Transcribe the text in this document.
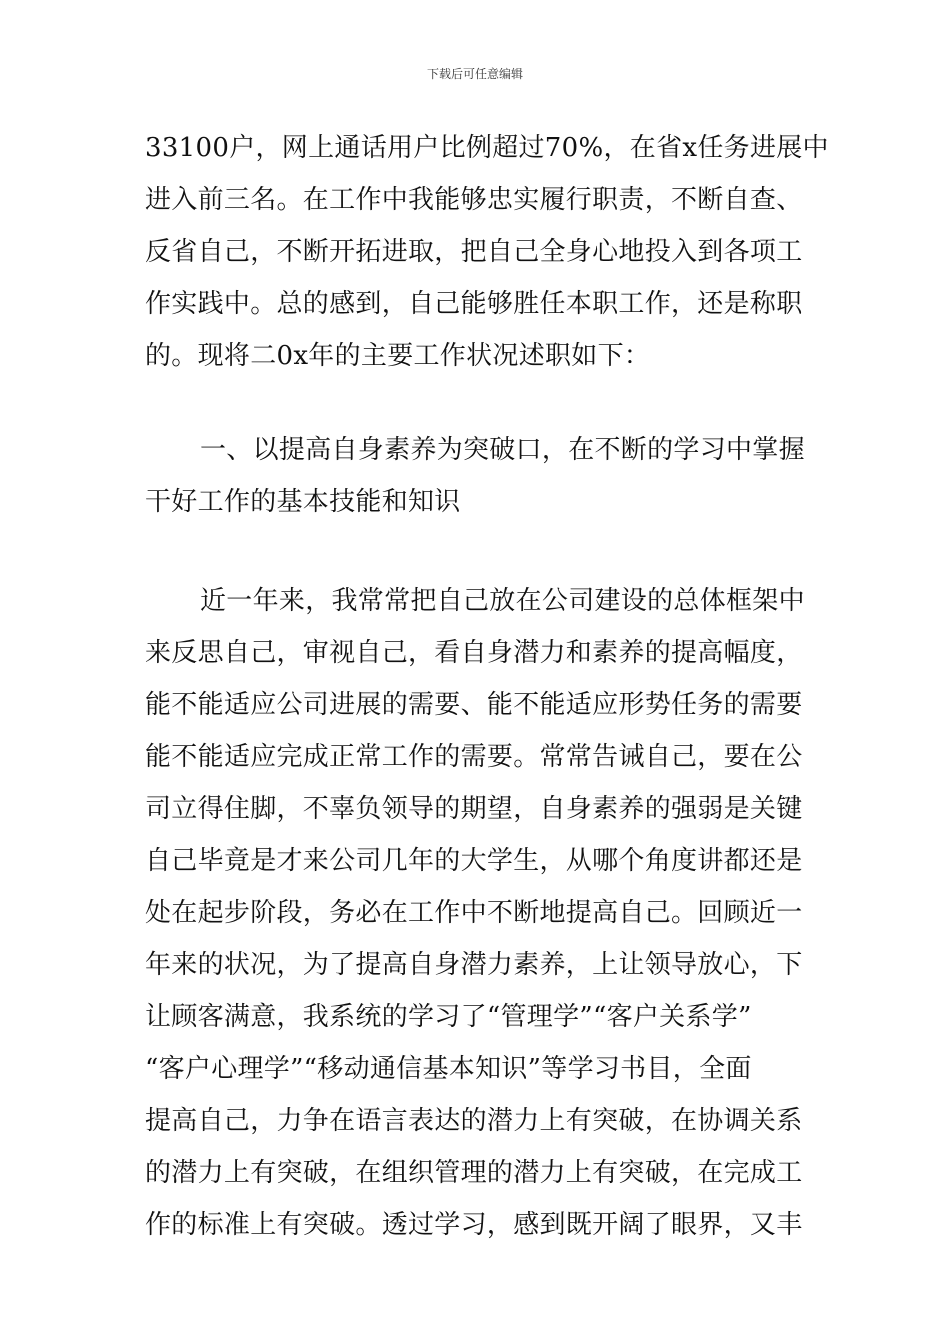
下载后可任意编辑
33100户，网上通话用户比例超过70%，在省x任务进展中
进入前三名。在工作中我能够忠实履行职责，不断自查、
反省自己，不断开拓进取，把自己全身心地投入到各项工
作实践中。总的感到，自己能够胜任本职工作，还是称职
的。现将二0x年的主要工作状况述职如下：
一、以提高自身素养为突破口，在不断的学习中掌握
干好工作的基本技能和知识
近一年来，我常常把自己放在公司建设的总体框架中
来反思自己，审视自己，看自身潜力和素养的提高幅度，
能不能适应公司进展的需要、能不能适应形势任务的需要
能不能适应完成正常工作的需要。常常告诫自己，要在公
司立得住脚，不辜负领导的期望，自身素养的强弱是关键
自己毕竟是才来公司几年的大学生，从哪个角度讲都还是
处在起步阶段，务必在工作中不断地提高自己。回顾近一
年来的状况，为了提高自身潜力素养，上让领导放心，下
让顾客满意，我系统的学习了“管理学”“客户关系学”
“客户心理学”“移动通信基本知识”等学习书目，全面
提高自己，力争在语言表达的潜力上有突破，在协调关系
的潜力上有突破，在组织管理的潜力上有突破，在完成工
作的标准上有突破。透过学习，感到既开阔了眼界，又丰
